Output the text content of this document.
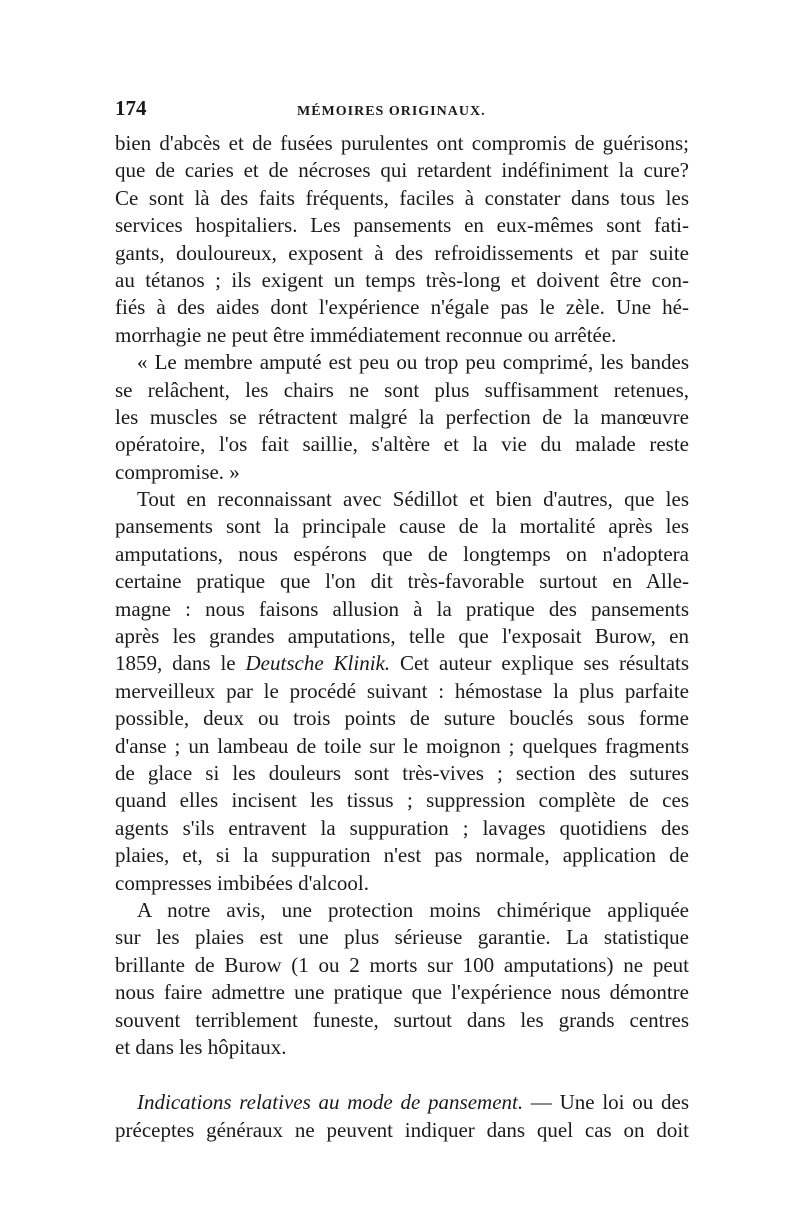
174	MÉMOIRES ORIGINAUX.
bien d'abcès et de fusées purulentes ont compromis de guérisons;
que de caries et de nécroses qui retardent indéfiniment la cure?
Ce sont là des faits fréquents, faciles à constater dans tous les
services hospitaliers. Les pansements en eux-mêmes sont fati-
gants, douloureux, exposent à des refroidissements et par suite
au tétanos ; ils exigent un temps très-long et doivent être con-
fiés à des aides dont l'expérience n'égale pas le zèle. Une hé-
morrhagie ne peut être immédiatement reconnue ou arrêtée.
« Le membre amputé est peu ou trop peu comprimé, les bandes
se relâchent, les chairs ne sont plus suffisamment retenues,
les muscles se rétractent malgré la perfection de la manœuvre
opératoire, l'os fait saillie, s'altère et la vie du malade reste
compromise. »
Tout en reconnaissant avec Sédillot et bien d'autres, que les
pansements sont la principale cause de la mortalité après les
amputations, nous espérons que de longtemps on n'adoptera
certaine pratique que l'on dit très-favorable surtout en Alle-
magne : nous faisons allusion à la pratique des pansements
après les grandes amputations, telle que l'exposait Burow, en
1859, dans le Deutsche Klinik. Cet auteur explique ses résultats
merveilleux par le procédé suivant : hémostase la plus parfaite
possible, deux ou trois points de suture bouclés sous forme
d'anse ; un lambeau de toile sur le moignon ; quelques fragments
de glace si les douleurs sont très-vives ; section des sutures
quand elles incisent les tissus ; suppression complète de ces
agents s'ils entravent la suppuration ; lavages quotidiens des
plaies, et, si la suppuration n'est pas normale, application de
compresses imbibées d'alcool.
A notre avis, une protection moins chimérique appliquée
sur les plaies est une plus sérieuse garantie. La statistique
brillante de Burow (1 ou 2 morts sur 100 amputations) ne peut
nous faire admettre une pratique que l'expérience nous démontre
souvent terriblement funeste, surtout dans les grands centres
et dans les hôpitaux.
Indications relatives au mode de pansement. — Une loi ou des
préceptes généraux ne peuvent indiquer dans quel cas on doit
